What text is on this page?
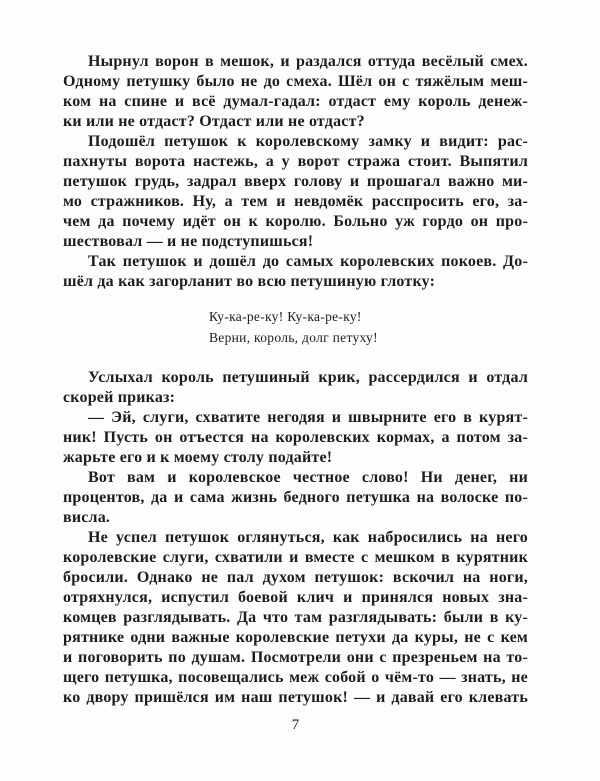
Нырнул ворон в мешок, и раздался оттуда весёлый смех.
Одному петушку было не до смеха. Шёл он с тяжёлым меш-
ком на спине и всё думал-гадал: отдаст ему король денеж-
ки или не отдаст? Отдаст или не отдаст?
Подошёл петушок к королевскому замку и видит: рас-
пахнуты ворота настежь, а у ворот стража стоит. Выпятил
петушок грудь, задрал вверх голову и прошагал важно ми-
мо стражников. Ну, а тем и невдомёк расспросить его, за-
чем да почему идёт он к королю. Больно уж гордо он про-
шествовал — и не подступишься!
Так петушок и дошёл до самых королевских покоев. До-
шёл да как загорланит во всю петушиную глотку:
Ку-ка-ре-ку! Ку-ка-ре-ку!
Верни, король, долг петуху!
Услыхал король петушиный крик, рассердился и отдал
скорей приказ:
— Эй, слуги, схватите негодяя и швырните его в курят-
ник! Пусть он отъестся на королевских кормах, а потом за-
жарьте его и к моему столу подайте!
Вот вам и королевское честное слово! Ни денег, ни
процентов, да и сама жизнь бедного петушка на волоске по-
висла.
Не успел петушок оглянуться, как набросились на него
королевские слуги, схватили и вместе с мешком в курятник
бросили. Однако не пал духом петушок: вскочил на ноги,
отряхнулся, испустил боевой клич и принялся новых зна-
комцев разглядывать. Да что там разглядывать: были в ку-
рятнике одни важные королевские петухи да куры, не с кем
и поговорить по душам. Посмотрели они с презреньем на то-
щего петушка, посовещались меж собой о чём-то — знать, не
ко двору пришёлся им наш петушок! — и давай его клевать
7
